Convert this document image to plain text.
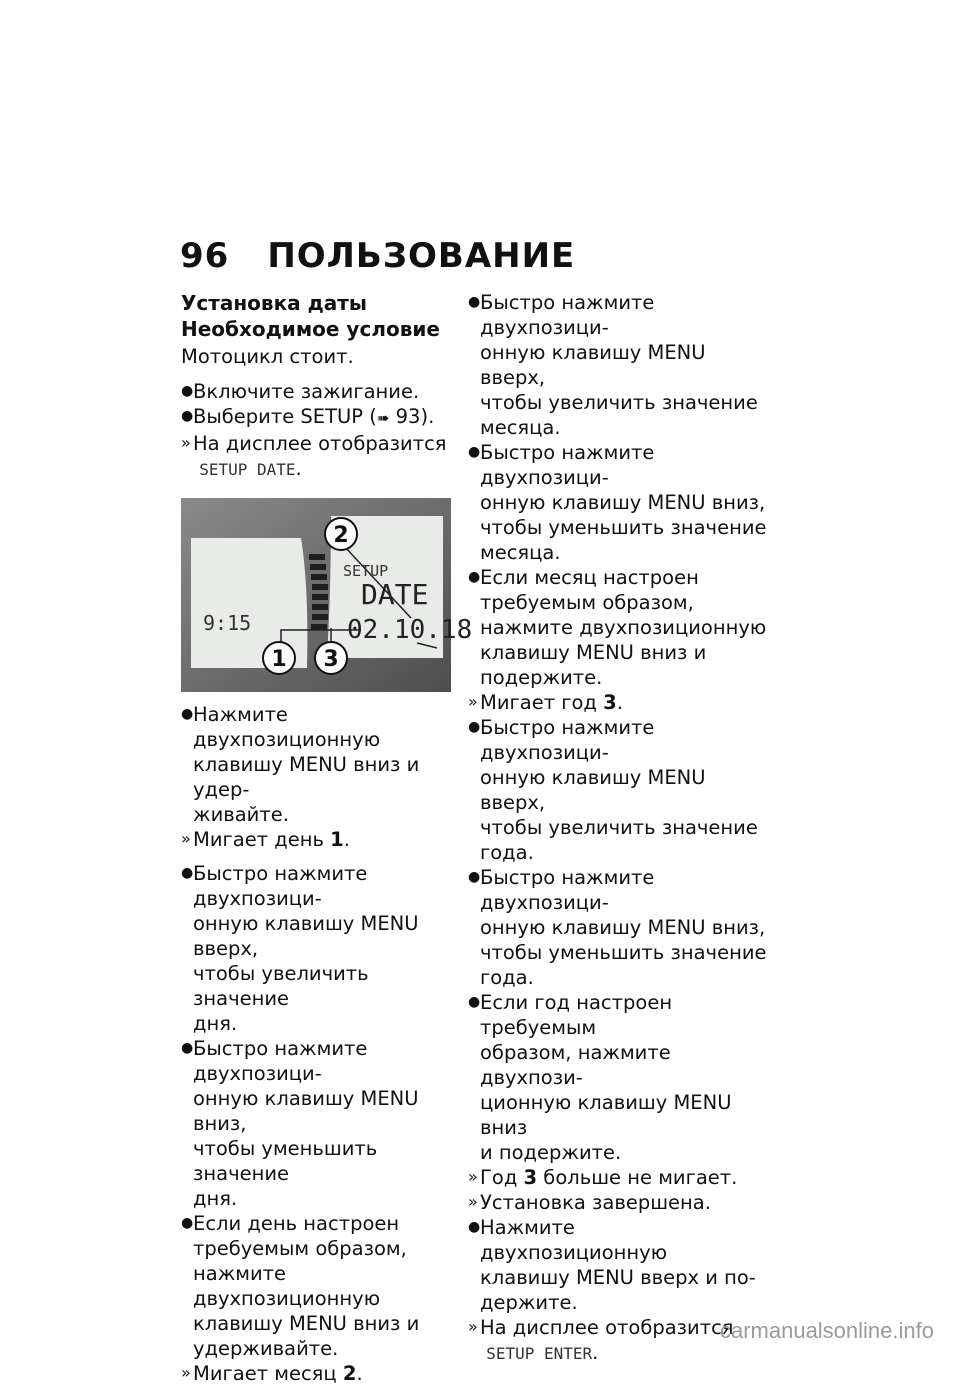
96 ПОЛЬЗОВАНИЕ

Установка даты

Необходимое условие

Мотоцикл стоит.

● Включите зажигание.
● Выберите SETUP (➠ 93).
» На дисплее отобразится
SETUP DATE.
9:15
SETUP
DATE
02.10.18
1 3
2
● Нажмите двухпозиционную
клавишу MENU вниз и удер-
живайте.
» Мигает день 1.
● Быстро нажмите двухпозици-
онную клавишу MENU вверх,
чтобы увеличить значение
дня.
● Быстро нажмите двухпозици-
онную клавишу MENU вниз,
чтобы уменьшить значение
дня.
● Если день настроен
требуемым образом,
нажмите двухпозиционную
клавишу MENU вниз и
удерживайте.
» Мигает месяц 2.
● Быстро нажмите двухпозици-
онную клавишу MENU вверх,
чтобы увеличить значение
месяца.
● Быстро нажмите двухпозици-
онную клавишу MENU вниз,
чтобы уменьшить значение
месяца.
● Если месяц настроен
требуемым образом,
нажмите двухпозиционную
клавишу MENU вниз и
подержите.
» Мигает год 3.
● Быстро нажмите двухпозици-
онную клавишу MENU вверх,
чтобы увеличить значение
года.
● Быстро нажмите двухпозици-
онную клавишу MENU вниз,
чтобы уменьшить значение
года.
● Если год настроен требуемым
образом, нажмите двухпози-
ционную клавишу MENU вниз
и подержите.
» Год 3 больше не мигает.
» Установка завершена.
● Нажмите двухпозиционную
клавишу MENU вверх и по-
держите.
» На дисплее отобразится
SETUP ENTER.
carmanualsonline.info
